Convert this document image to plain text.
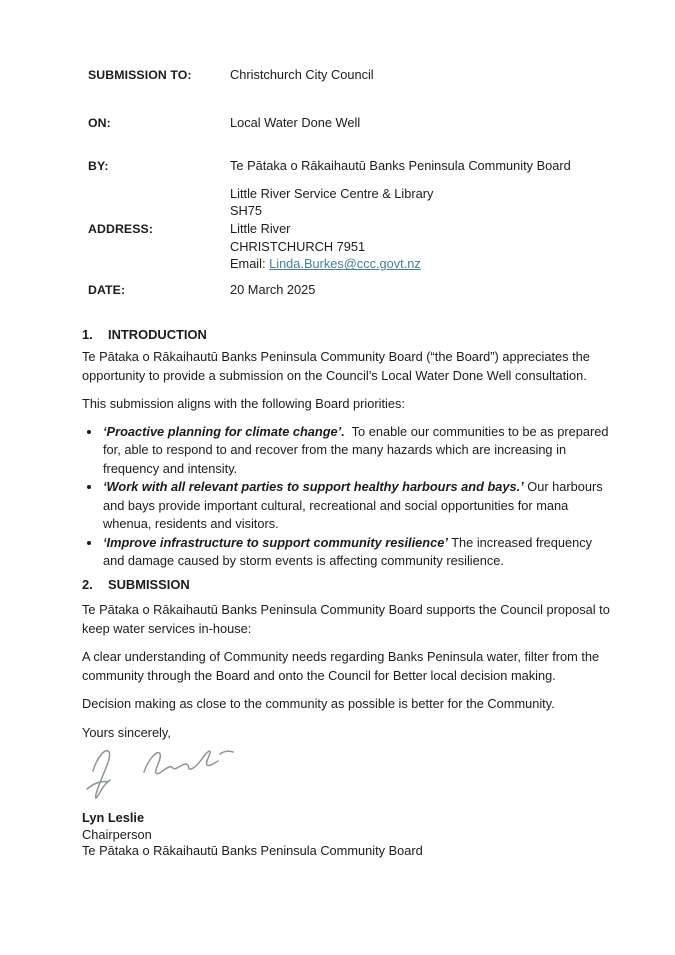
SUBMISSION TO:	Christchurch City Council
ON:	Local Water Done Well
BY:	Te Pātaka o Rākaihautū Banks Peninsula Community Board
ADDRESS:
Little River Service Centre & Library
SH75
Little River
CHRISTCHURCH 7951
Email: Linda.Burkes@ccc.govt.nz
DATE:	20 March 2025
1.	INTRODUCTION

Te Pātaka o Rākaihautū Banks Peninsula Community Board (“the Board”) appreciates the opportunity to provide a submission on the Council’s Local Water Done Well consultation.

This submission aligns with the following Board priorities:

• ‘Proactive planning for climate change’.  To enable our communities to be as prepared for, able to respond to and recover from the many hazards which are increasing in frequency and intensity.
• ‘Work with all relevant parties to support healthy harbours and bays.’ Our harbours and bays provide important cultural, recreational and social opportunities for mana whenua, residents and visitors.
• ‘Improve infrastructure to support community resilience’ The increased frequency and damage caused by storm events is affecting community resilience.
2.	SUBMISSION

Te Pātaka o Rākaihautū Banks Peninsula Community Board supports the Council proposal to keep water services in-house:

A clear understanding of Community needs regarding Banks Peninsula water, filter from the community through the Board and onto the Council for Better local decision making.

Decision making as close to the community as possible is better for the Community.

Yours sincerely,

Lyn Leslie
Chairperson
Te Pātaka o Rākaihautū Banks Peninsula Community Board
